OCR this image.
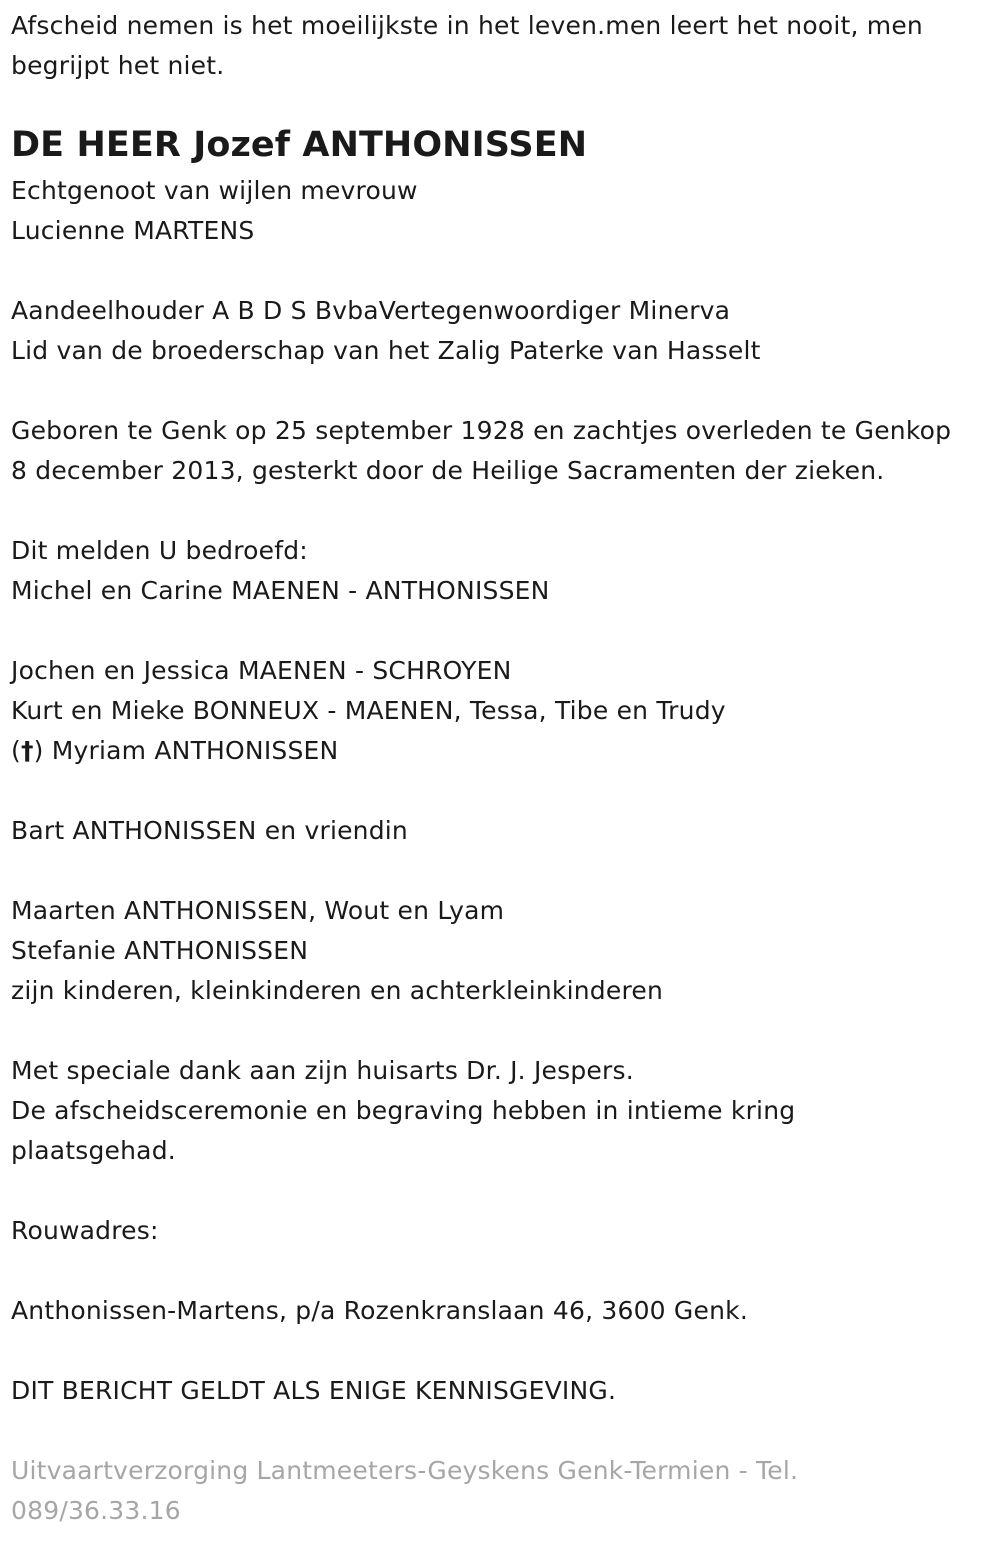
Afscheid nemen is het moeilijkste in het leven.men leert het nooit, men
begrijpt het niet.
DE HEER Jozef ANTHONISSEN
Echtgenoot van wijlen mevrouw
Lucienne MARTENS
Aandeelhouder A B D S BvbaVertegenwoordiger Minerva
Lid van de broederschap van het Zalig Paterke van Hasselt
Geboren te Genk op 25 september 1928 en zachtjes overleden te Genkop
8 december 2013, gesterkt door de Heilige Sacramenten der zieken.
Dit melden U bedroefd:
Michel en Carine MAENEN - ANTHONISSEN
Jochen en Jessica MAENEN - SCHROYEN
Kurt en Mieke BONNEUX - MAENEN, Tessa, Tibe en Trudy
(†) Myriam ANTHONISSEN
Bart ANTHONISSEN en vriendin
Maarten ANTHONISSEN, Wout en Lyam
Stefanie ANTHONISSEN
zijn kinderen, kleinkinderen en achterkleinkinderen
Met speciale dank aan zijn huisarts Dr. J. Jespers.
De afscheidsceremonie en begraving hebben in intieme kring
plaatsgehad.
Rouwadres:
Anthonissen-Martens, p/a Rozenkranslaan 46, 3600 Genk.
DIT BERICHT GELDT ALS ENIGE KENNISGEVING.
Uitvaartverzorging Lantmeeters-Geyskens Genk-Termien - Tel.
089/36.33.16
